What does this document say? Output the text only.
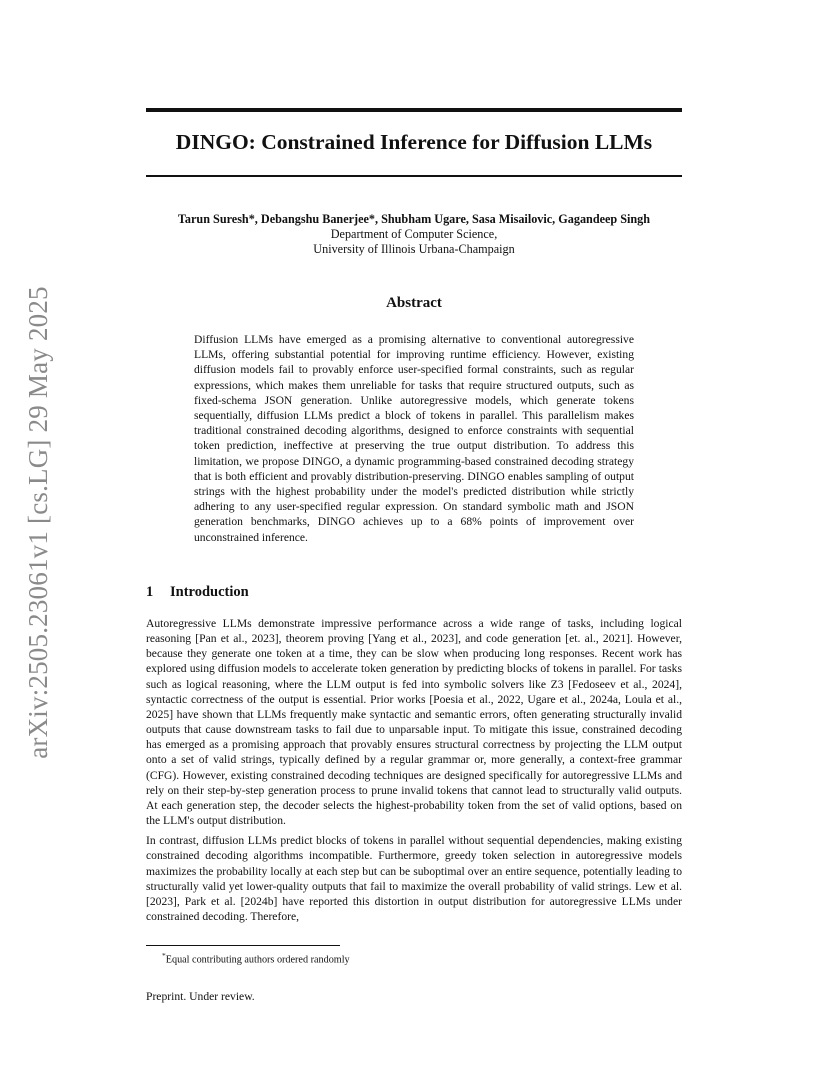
arXiv:2505.23061v1 [cs.LG] 29 May 2025
DINGO: Constrained Inference for Diffusion LLMs
Tarun Suresh*, Debangshu Banerjee*, Shubham Ugare, Sasa Misailovic, Gagandeep Singh
Department of Computer Science,
University of Illinois Urbana-Champaign
Abstract

Diffusion LLMs have emerged as a promising alternative to conventional autoregressive LLMs, offering substantial potential for improving runtime efficiency. However, existing diffusion models fail to provably enforce user-specified formal constraints, such as regular expressions, which makes them unreliable for tasks that require structured outputs, such as fixed-schema JSON generation. Unlike autoregressive models, which generate tokens sequentially, diffusion LLMs predict a block of tokens in parallel. This parallelism makes traditional constrained decoding algorithms, designed to enforce constraints with sequential token prediction, ineffective at preserving the true output distribution. To address this limitation, we propose DINGO, a dynamic programming-based constrained decoding strategy that is both efficient and provably distribution-preserving. DINGO enables sampling of output strings with the highest probability under the model's predicted distribution while strictly adhering to any user-specified regular expression. On standard symbolic math and JSON generation benchmarks, DINGO achieves up to a 68% points of improvement over unconstrained inference.

1 Introduction

Autoregressive LLMs demonstrate impressive performance across a wide range of tasks, including logical reasoning [Pan et al., 2023], theorem proving [Yang et al., 2023], and code generation [et. al., 2021]. However, because they generate one token at a time, they can be slow when producing long responses. Recent work has explored using diffusion models to accelerate token generation by predicting blocks of tokens in parallel. For tasks such as logical reasoning, where the LLM output is fed into symbolic solvers like Z3 [Fedoseev et al., 2024], syntactic correctness of the output is essential. Prior works [Poesia et al., 2022, Ugare et al., 2024a, Loula et al., 2025] have shown that LLMs frequently make syntactic and semantic errors, often generating structurally invalid outputs that cause downstream tasks to fail due to unparsable input. To mitigate this issue, constrained decoding has emerged as a promising approach that provably ensures structural correctness by projecting the LLM output onto a set of valid strings, typically defined by a regular grammar or, more generally, a context-free grammar (CFG). However, existing constrained decoding techniques are designed specifically for autoregressive LLMs and rely on their step-by-step generation process to prune invalid tokens that cannot lead to structurally valid outputs. At each generation step, the decoder selects the highest-probability token from the set of valid options, based on the LLM's output distribution.

In contrast, diffusion LLMs predict blocks of tokens in parallel without sequential dependencies, making existing constrained decoding algorithms incompatible. Furthermore, greedy token selection in autoregressive models maximizes the probability locally at each step but can be suboptimal over an entire sequence, potentially leading to structurally valid yet lower-quality outputs that fail to maximize the overall probability of valid strings. Lew et al. [2023], Park et al. [2024b] have reported this distortion in output distribution for autoregressive LLMs under constrained decoding. Therefore,

*Equal contributing authors ordered randomly
Preprint. Under review.
